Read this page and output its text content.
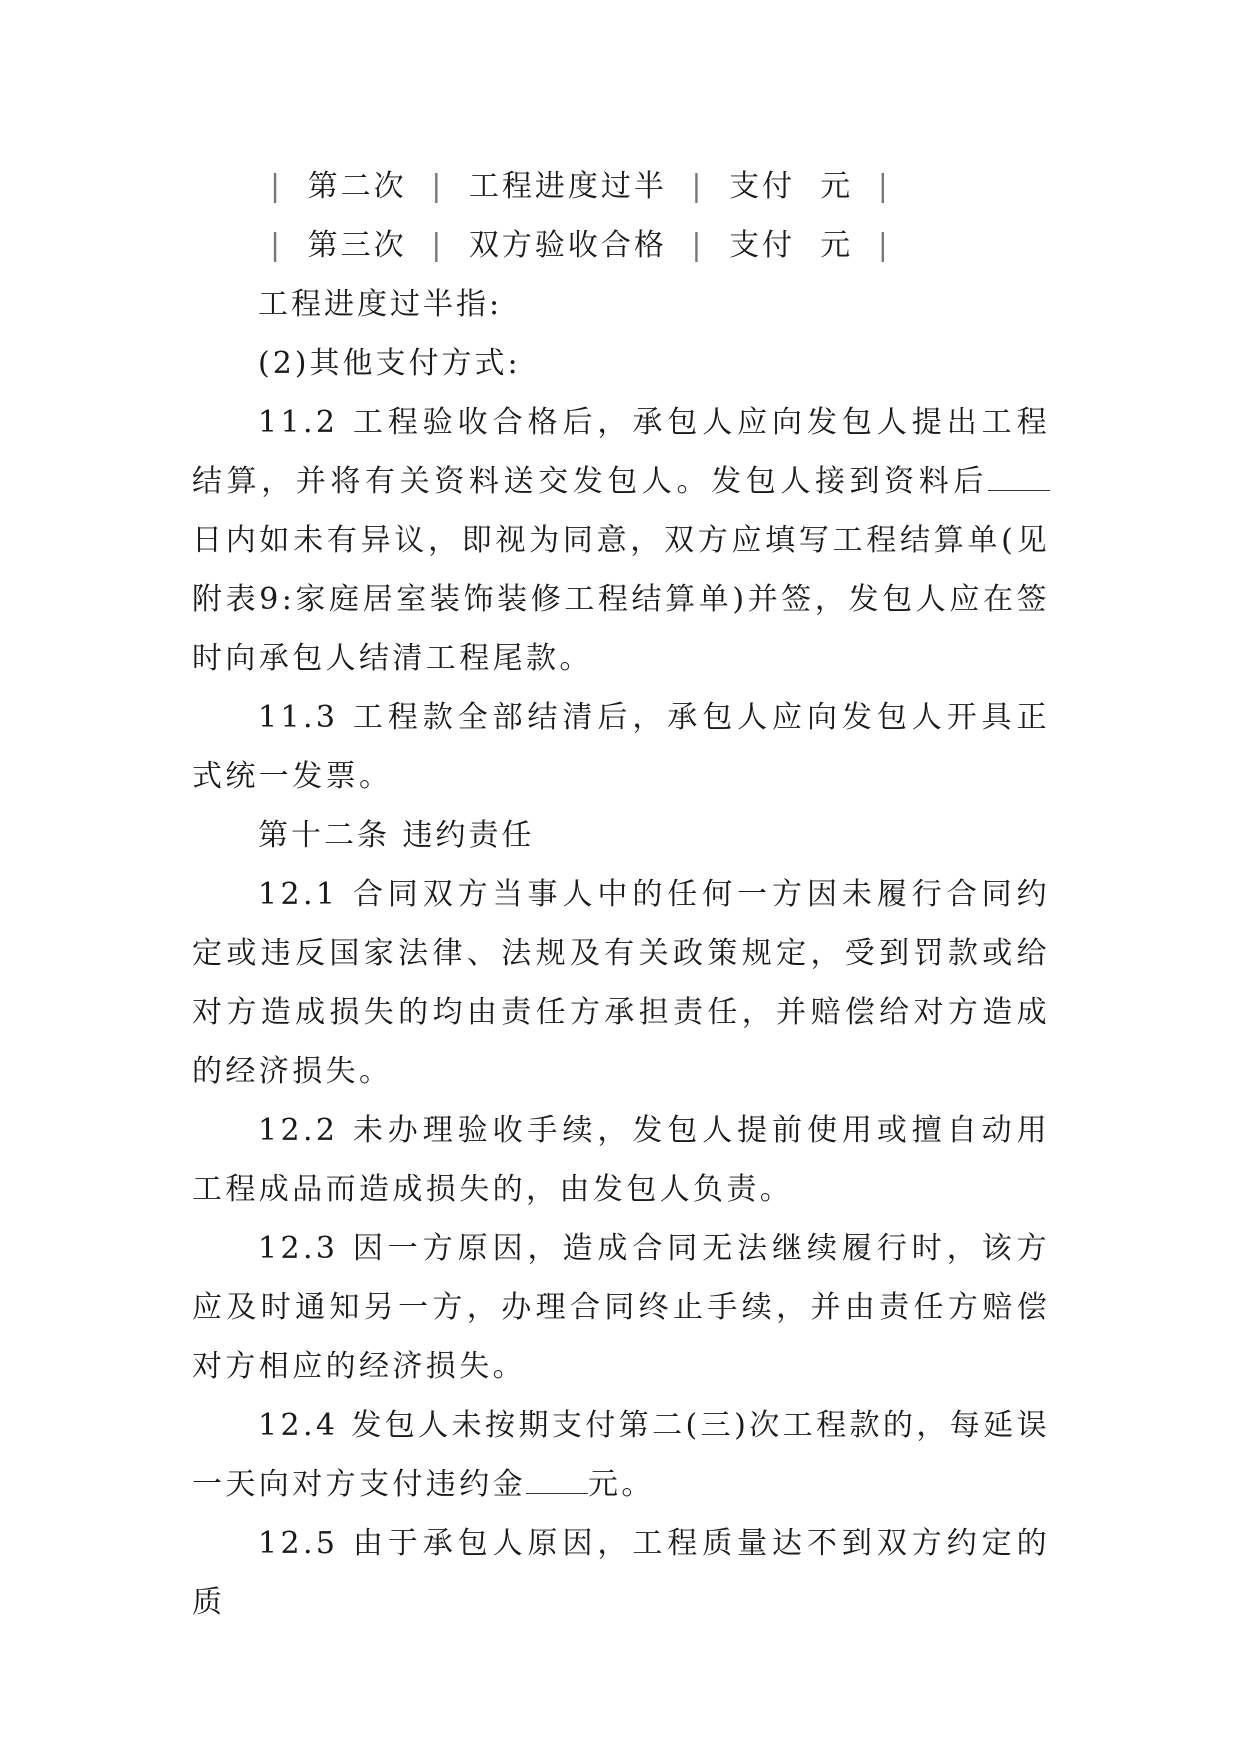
| 第二次 | 工程进度过半 | 支付  元 |

| 第三次 | 双方验收合格 | 支付  元 |

工程进度过半指:

(2)其他支付方式:

11.2 工程验收合格后，承包人应向发包人提出工程结算，并将有关资料送交发包人。发包人接到资料后日内如未有异议，即视为同意，双方应填写工程结算单(见附表9:家庭居室装饰装修工程结算单)并签，发包人应在签时向承包人结清工程尾款。

11.3 工程款全部结清后，承包人应向发包人开具正式统一发票。

第十二条 违约责任

12.1 合同双方当事人中的任何一方因未履行合同约定或违反国家法律、法规及有关政策规定，受到罚款或给对方造成损失的均由责任方承担责任，并赔偿给对方造成的经济损失。

12.2 未办理验收手续，发包人提前使用或擅自动用工程成品而造成损失的，由发包人负责。

12.3 因一方原因，造成合同无法继续履行时，该方应及时通知另一方，办理合同终止手续，并由责任方赔偿对方相应的经济损失。

12.4 发包人未按期支付第二(三)次工程款的，每延误一天向对方支付违约金 元。

12.5 由于承包人原因，工程质量达不到双方约定的质
